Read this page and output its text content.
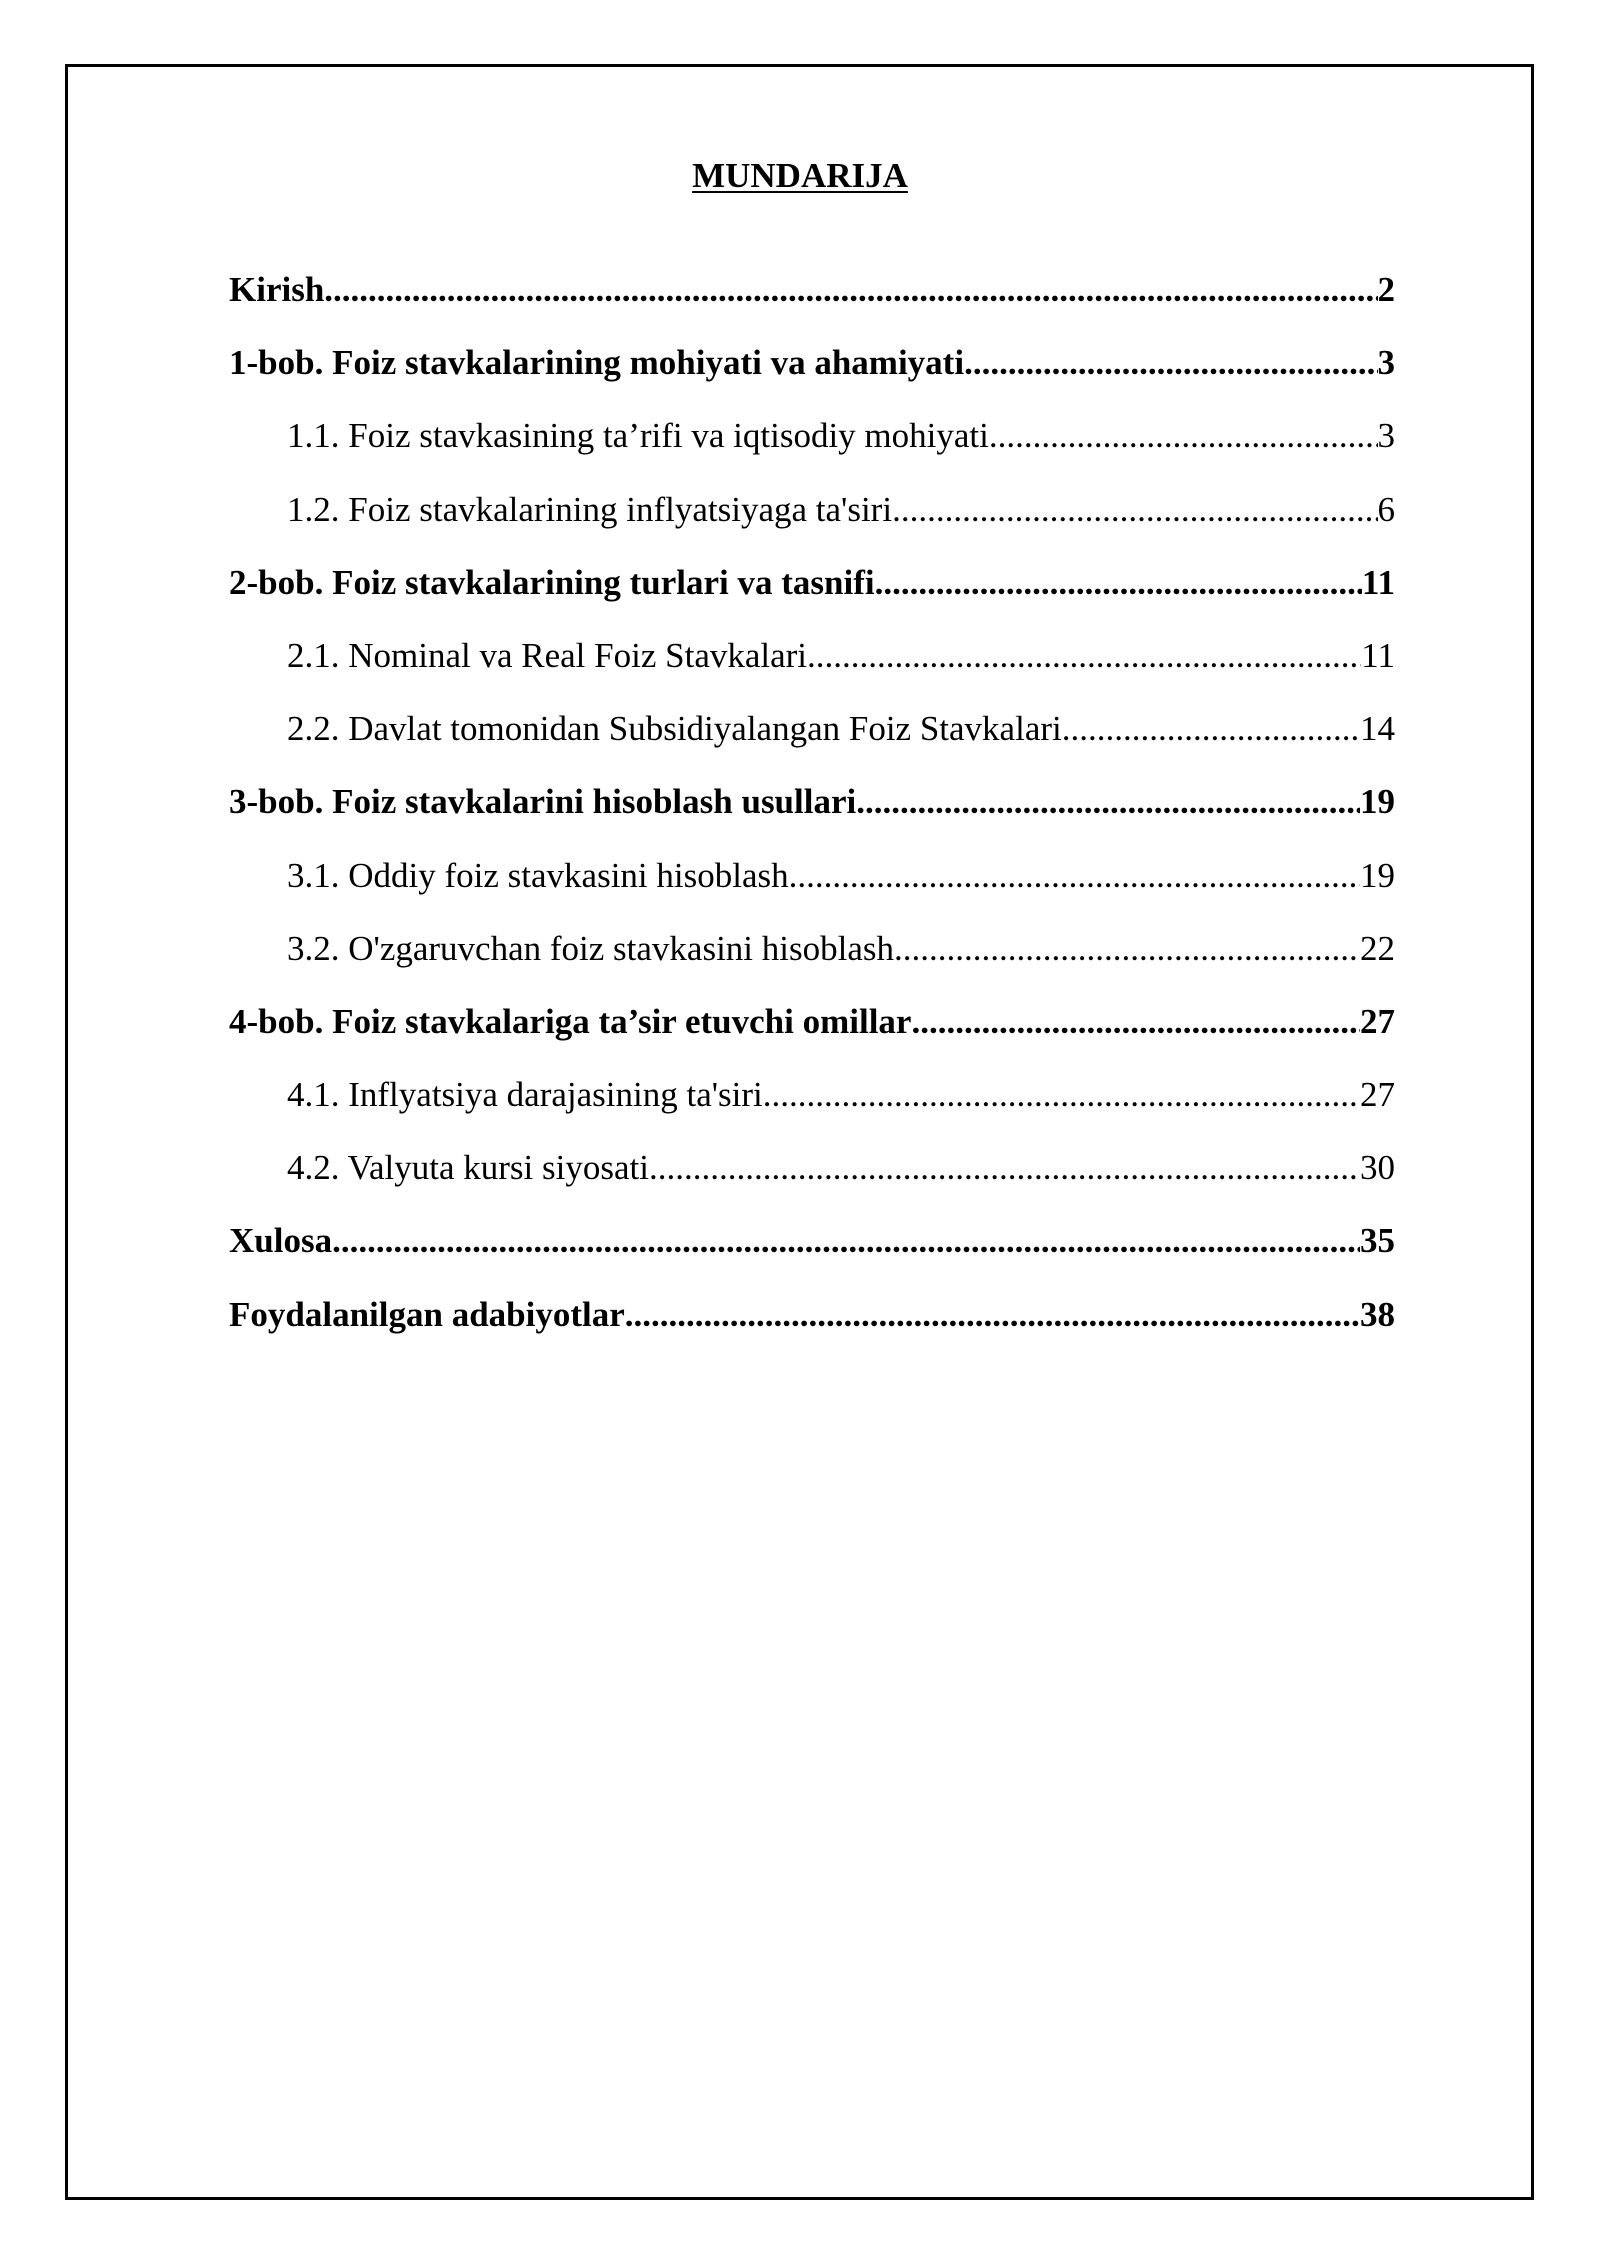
MUNDARIJA
Kirish .....	2
1-bob. Foiz stavkalarining mohiyati va ahamiyati .....	3
1.1. Foiz stavkasining ta’rifi va iqtisodiy mohiyati .....	3
1.2. Foiz stavkalarining inflyatsiyaga ta'siri .....	6
2-bob. Foiz stavkalarining turlari va tasnifi .....	11
2.1. Nominal va Real Foiz Stavkalari .....	11
2.2. Davlat tomonidan Subsidiyalangan Foiz Stavkalari .....	14
3-bob. Foiz stavkalarini hisoblash usullari .....	19
3.1. Oddiy foiz stavkasini hisoblash .....	19
3.2. O'zgaruvchan foiz stavkasini hisoblash .....	22
4-bob. Foiz stavkalariga ta’sir etuvchi omillar .....	27
4.1. Inflyatsiya darajasining ta'siri .....	27
4.2. Valyuta kursi siyosati .....	30
Xulosa .....	35
Foydalanilgan adabiyotlar .....	38
